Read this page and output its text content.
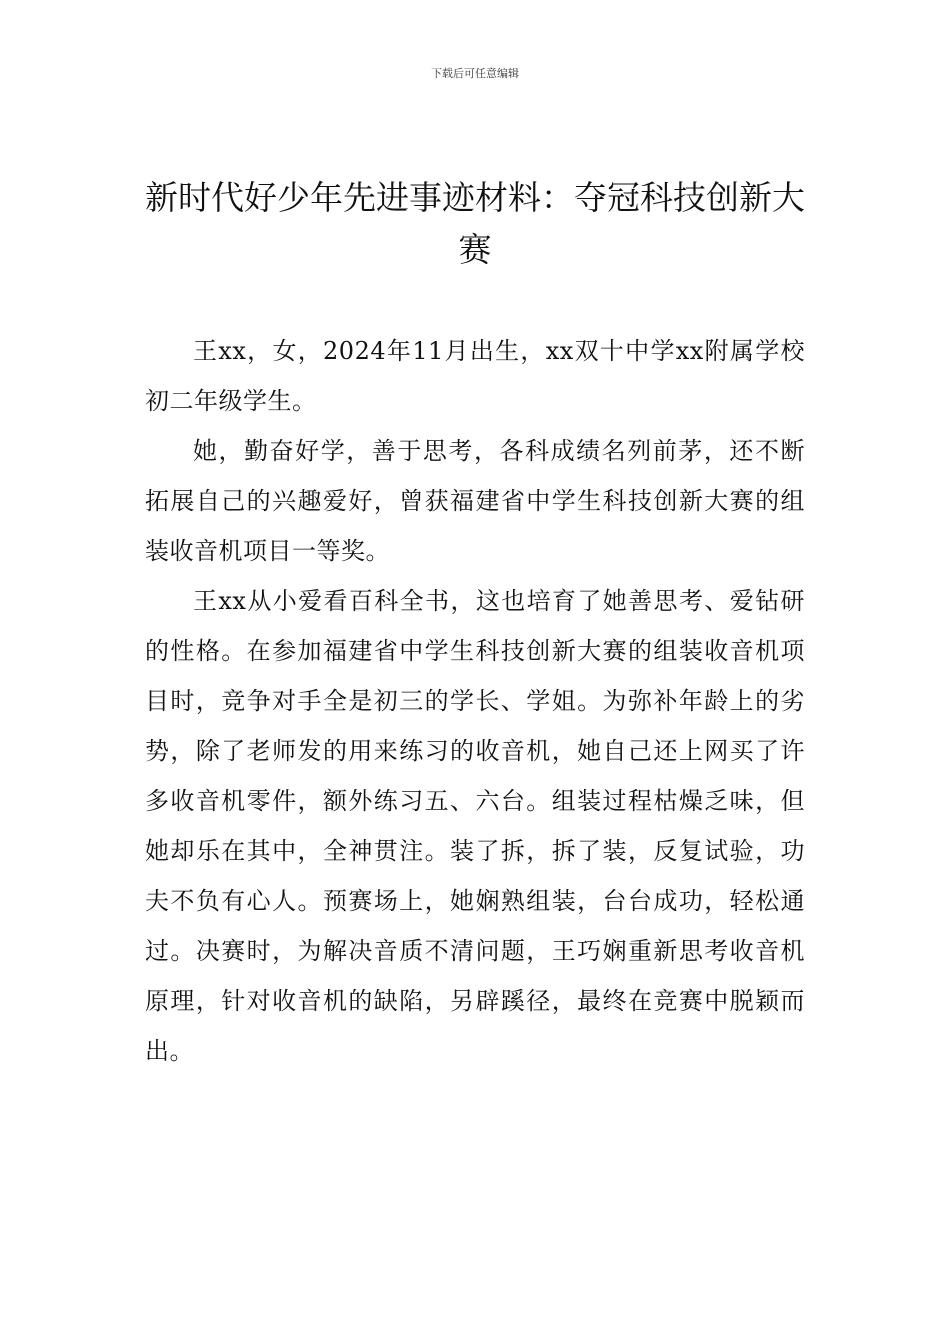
下载后可任意编辑
新时代好少年先进事迹材料：夺冠科技创新大赛

王xx，女，2024年11月出生，xx双十中学xx附属学校初二年级学生。

她，勤奋好学，善于思考，各科成绩名列前茅，还不断拓展自己的兴趣爱好，曾获福建省中学生科技创新大赛的组装收音机项目一等奖。

王xx从小爱看百科全书，这也培育了她善思考、爱钻研的性格。在参加福建省中学生科技创新大赛的组装收音机项目时，竞争对手全是初三的学长、学姐。为弥补年龄上的劣势，除了老师发的用来练习的收音机，她自己还上网买了许多收音机零件，额外练习五、六台。组装过程枯燥乏味，但她却乐在其中，全神贯注。装了拆，拆了装，反复试验，功夫不负有心人。预赛场上，她娴熟组装，台台成功，轻松通过。决赛时，为解决音质不清问题，王巧娴重新思考收音机原理，针对收音机的缺陷，另辟蹊径，最终在竞赛中脱颖而出。
